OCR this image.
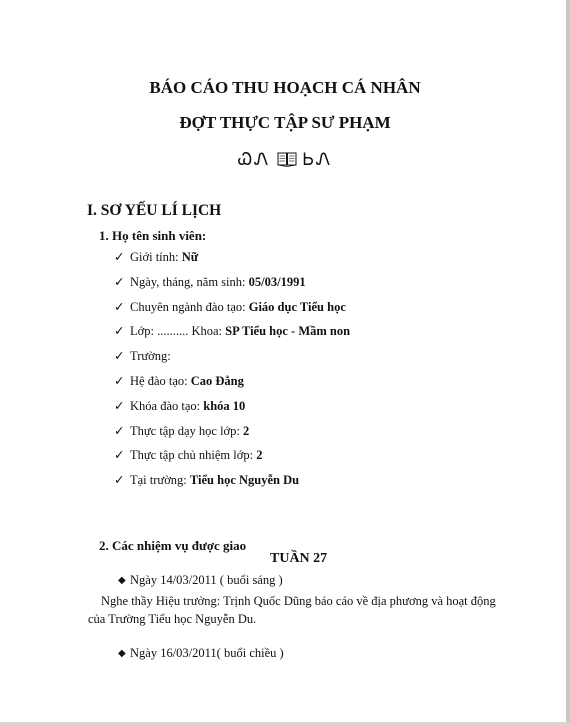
BÁO CÁO THU HOẠCH CÁ NHÂN
ĐỢT THỰC TẬP SƯ PHẠM
ᏇᏁ ᏏᏁ
I. SƠ YẾU LÍ LỊCH
1. Họ tên sinh viên:
✓ Giới tính: Nữ
✓ Ngày, tháng, năm sinh: 05/03/1991
✓ Chuyên ngành đào tạo: Giáo dục Tiểu học
✓ Lớp: .......... Khoa: SP Tiểu học - Mầm non
✓ Trường:
✓ Hệ đào tạo: Cao Đẳng
✓ Khóa đào tạo: khóa 10
✓ Thực tập dạy học lớp: 2
✓ Thực tập chủ nhiệm lớp: 2
✓ Tại trường: Tiểu học Nguyễn Du
2. Các nhiệm vụ được giao
TUẦN 27
◆ Ngày 14/03/2011 ( buổi sáng )
Nghe thầy Hiệu trưởng: Trịnh Quốc Dũng báo cáo về địa phương và hoạt động của Trường Tiểu học Nguyễn Du.
◆ Ngày 16/03/2011( buổi chiều )
